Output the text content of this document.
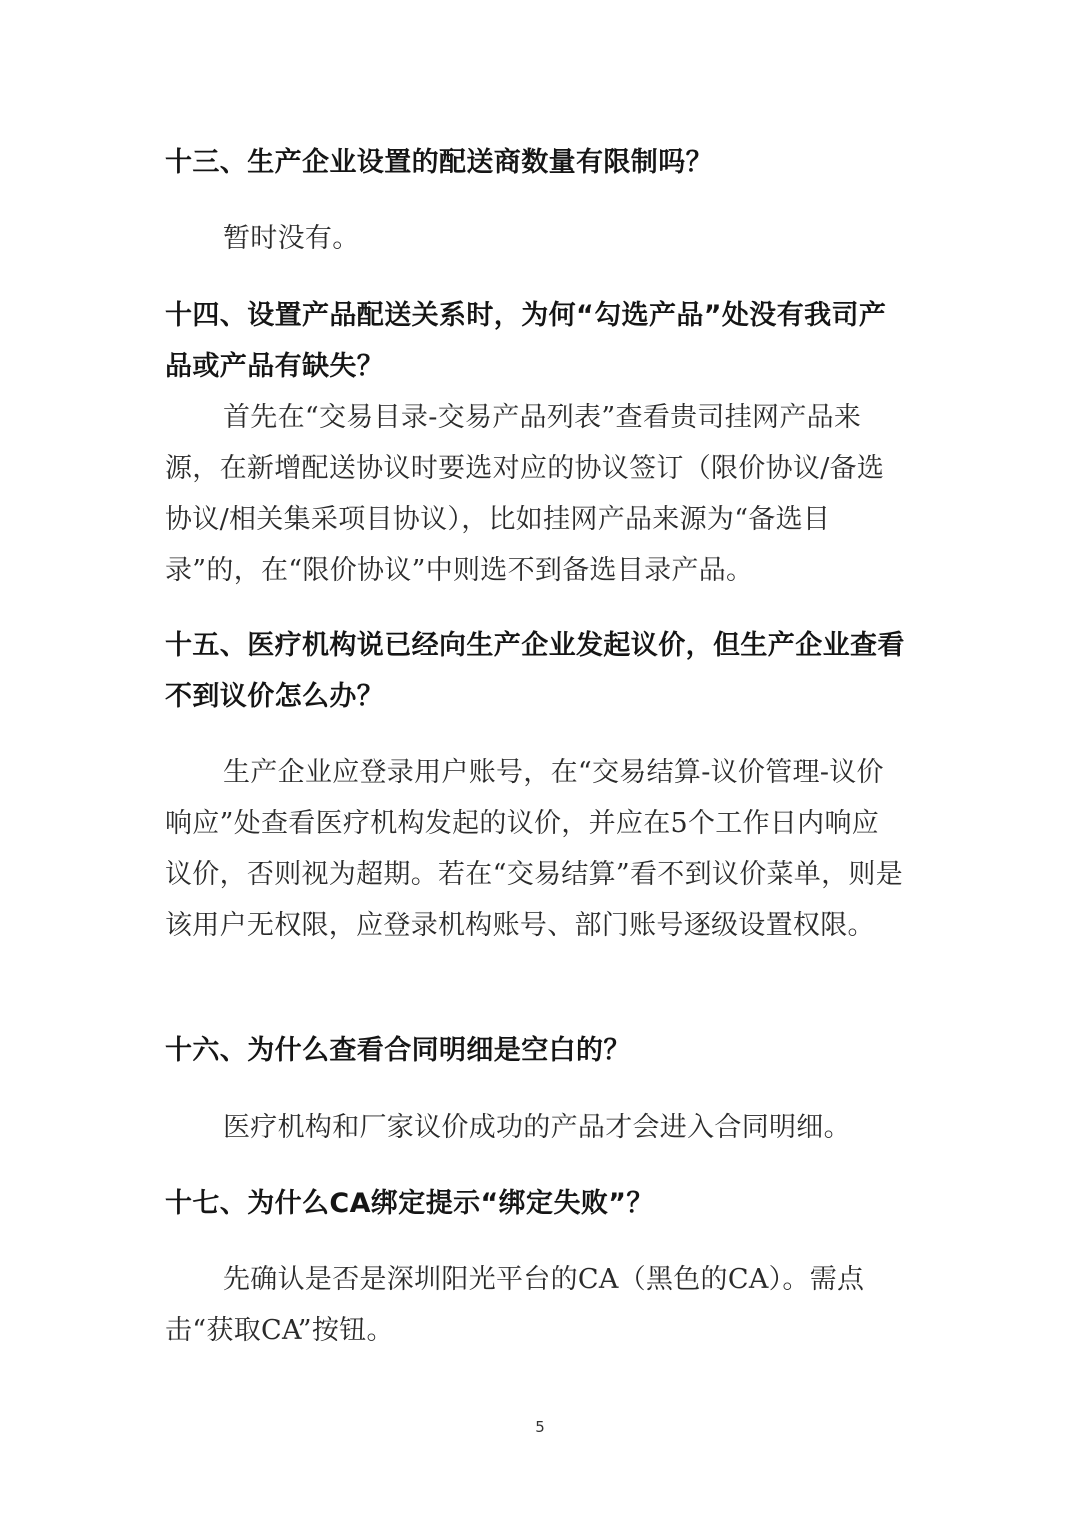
十三、生产企业设置的配送商数量有限制吗？

暂时没有。

十四、设置产品配送关系时，为何“勾选产品”处没有我司产品或产品有缺失？

首先在“交易目录-交易产品列表”查看贵司挂网产品来源，在新增配送协议时要选对应的协议签订（限价协议/备选协议/相关集采项目协议），比如挂网产品来源为“备选目录”的，在“限价协议”中则选不到备选目录产品。

十五、医疗机构说已经向生产企业发起议价，但生产企业查看不到议价怎么办？

生产企业应登录用户账号，在“交易结算-议价管理-议价响应”处查看医疗机构发起的议价，并应在5个工作日内响应议价，否则视为超期。若在“交易结算”看不到议价菜单，则是该用户无权限，应登录机构账号、部门账号逐级设置权限。

十六、为什么查看合同明细是空白的？

医疗机构和厂家议价成功的产品才会进入合同明细。

十七、为什么CA绑定提示“绑定失败”？

先确认是否是深圳阳光平台的CA（黑色的CA）。需点击“获取CA”按钮。

5
